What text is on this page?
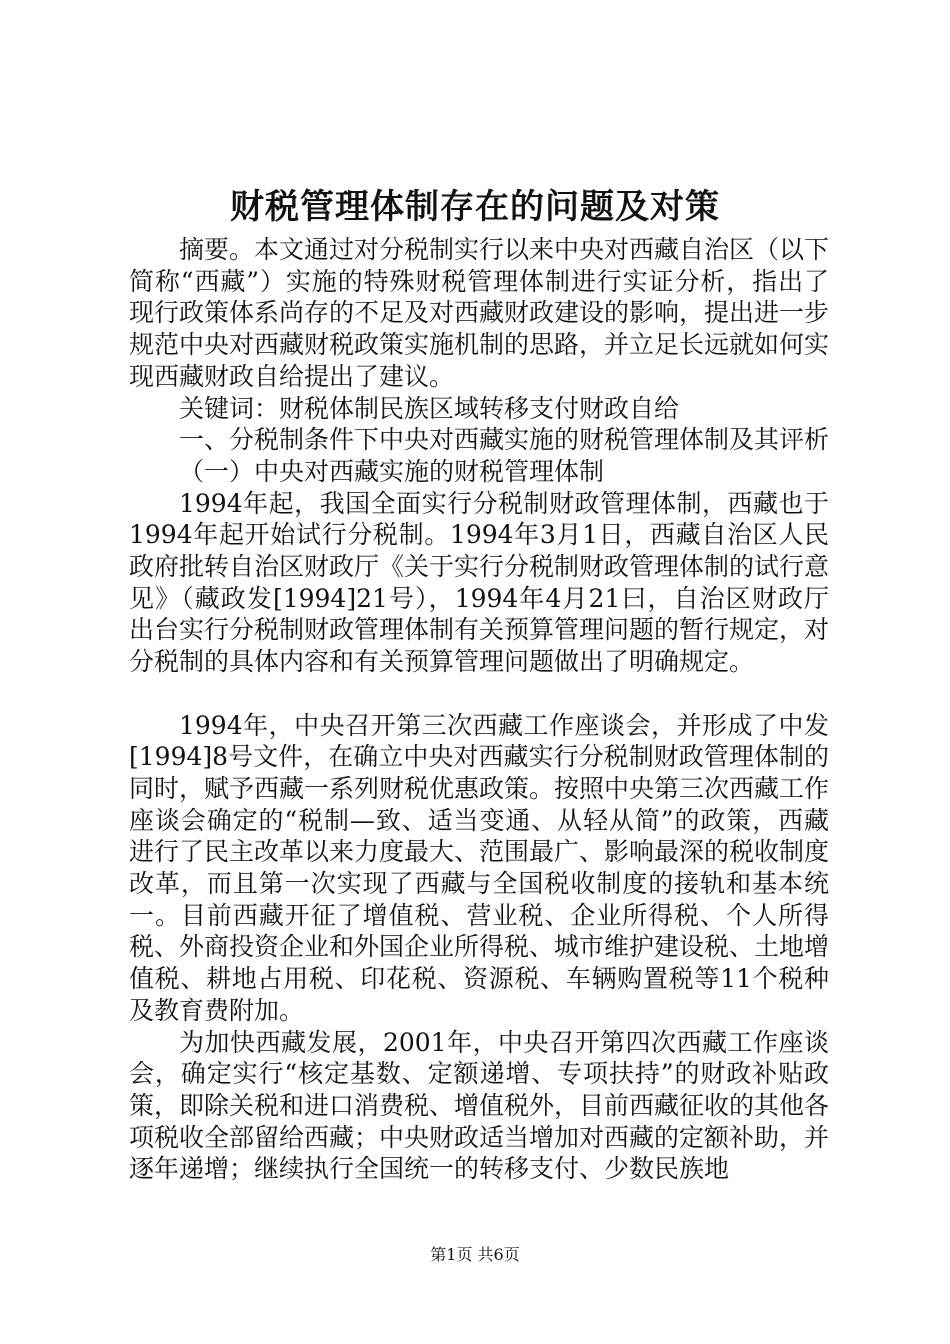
财税管理体制存在的问题及对策

摘要。本文通过对分税制实行以来中央对西藏自治区（以下简称“西藏”）实施的特殊财税管理体制进行实证分析，指出了现行政策体系尚存的不足及对西藏财政建设的影响，提出进一步规范中央对西藏财税政策实施机制的思路，并立足长远就如何实现西藏财政自给提出了建议。

关键词：财税体制民族区域转移支付财政自给

一、分税制条件下中央对西藏实施的财税管理体制及其评析

（一）中央对西藏实施的财税管理体制

1994年起，我国全面实行分税制财政管理体制，西藏也于1994年起开始试行分税制。1994年3月1日，西藏自治区人民政府批转自治区财政厅《关于实行分税制财政管理体制的试行意见》（藏政发[1994]21号），1994年4月21曰，自治区财政厅出台实行分税制财政管理体制有关预算管理问题的暂行规定，对分税制的具体内容和有关预算管理问题做出了明确规定。

1994年，中央召开第三次西藏工作座谈会，并形成了中发[1994]8号文件，在确立中央对西藏实行分税制财政管理体制的同时，赋予西藏一系列财税优惠政策。按照中央第三次西藏工作座谈会确定的“税制—致、适当变通、从轻从简”的政策，西藏进行了民主改革以来力度最大、范围最广、影响最深的税收制度改革，而且第一次实现了西藏与全国税收制度的接轨和基本统一。目前西藏开征了增值税、营业税、企业所得税、个人所得税、外商投资企业和外国企业所得税、城市维护建设税、土地增值税、耕地占用税、印花税、资源税、车辆购置税等11个税种及教育费附加。

为加快西藏发展，2001年，中央召开第四次西藏工作座谈会，确定实行“核定基数、定额递增、专项扶持”的财政补贴政策，即除关税和进口消费税、增值税外，目前西藏征收的其他各项税收全部留给西藏；中央财政适当增加对西藏的定额补助，并逐年递增；继续执行全国统一的转移支付、少数民族地

第1页 共6页
